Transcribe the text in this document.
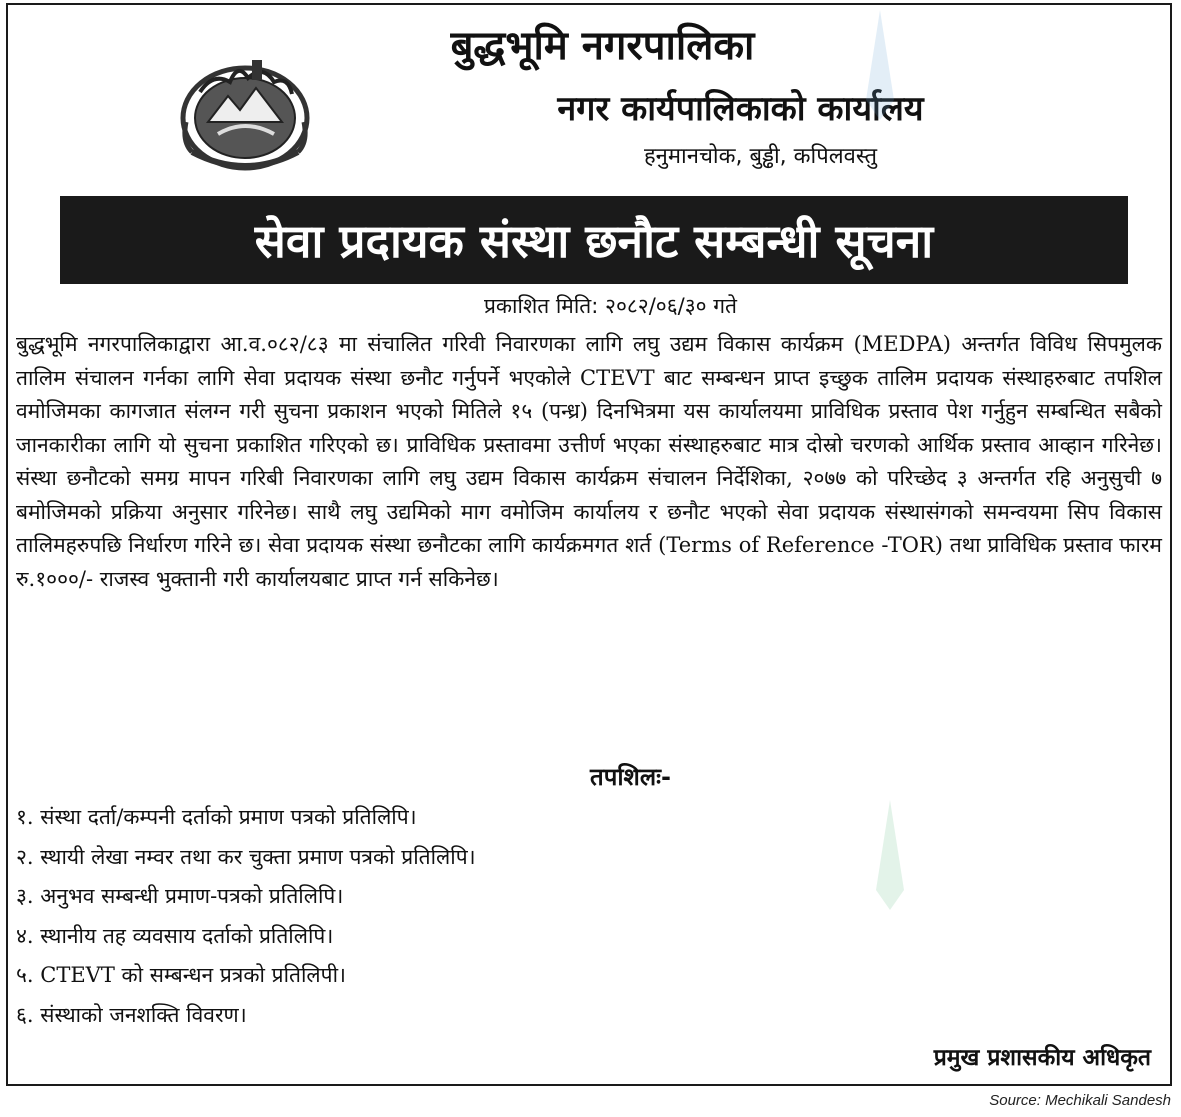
बुद्धभूमि नगरपालिका
नगर कार्यपालिकाको कार्यालय
हनुमानचोक, बुड्ढी, कपिलवस्तु
सेवा प्रदायक संस्था छनौट सम्बन्धी सूचना
प्रकाशित मिति: २०८२/०६/३० गते

बुद्धभूमि नगरपालिकाद्वारा आ.व.०८२/८३ मा संचालित गरिवी निवारणका लागि लघु उद्यम विकास कार्यक्रम (MEDPA) अन्तर्गत विविध सिपमुलक तालिम संचालन गर्नका लागि सेवा प्रदायक संस्था छनौट गर्नुपर्ने भएकोले CTEVT बाट सम्बन्धन प्राप्त इच्छुक तालिम प्रदायक संस्थाहरुबाट तपशिल वमोजिमका कागजात संलग्न गरी सुचना प्रकाशन भएको मितिले १५ (पन्ध्र) दिनभित्रमा यस कार्यालयमा प्राविधिक प्रस्ताव पेश गर्नुहुन सम्बन्धित सबैको जानकारीका लागि यो सुचना प्रकाशित गरिएको छ। प्राविधिक प्रस्तावमा उत्तीर्ण भएका संस्थाहरुबाट मात्र दोस्रो चरणको आर्थिक प्रस्ताव आव्हान गरिनेछ। संस्था छनौटको समग्र मापन गरिबी निवारणका लागि लघु उद्यम विकास कार्यक्रम संचालन निर्देशिका, २०७७ को परिच्छेद ३ अन्तर्गत रहि अनुसुची ७ बमोजिमको प्रक्रिया अनुसार गरिनेछ। साथै लघु उद्यमिको माग वमोजिम कार्यालय र छनौट भएको सेवा प्रदायक संस्थासंगको समन्वयमा सिप विकास तालिमहरुपछि निर्धारण गरिने छ। सेवा प्रदायक संस्था छनौटका लागि कार्यक्रमगत शर्त (Terms of Reference -TOR) तथा प्राविधिक प्रस्ताव फारम रु.१०००/- राजस्व भुक्तानी गरी कार्यालयबाट प्राप्त गर्न सकिनेछ।

तपशिलः-
१. संस्था दर्ता/कम्पनी दर्ताको प्रमाण पत्रको प्रतिलिपि।
२. स्थायी लेखा नम्वर तथा कर चुक्ता प्रमाण पत्रको प्रतिलिपि।
३. अनुभव सम्बन्धी प्रमाण-पत्रको प्रतिलिपि।
४. स्थानीय तह व्यवसाय दर्ताको प्रतिलिपि।
५. CTEVT को सम्बन्धन प्रत्रको प्रतिलिपी।
६. संस्थाको जनशक्ति विवरण।
प्रमुख प्रशासकीय अधिकृत
Source: Mechikali Sandesh
